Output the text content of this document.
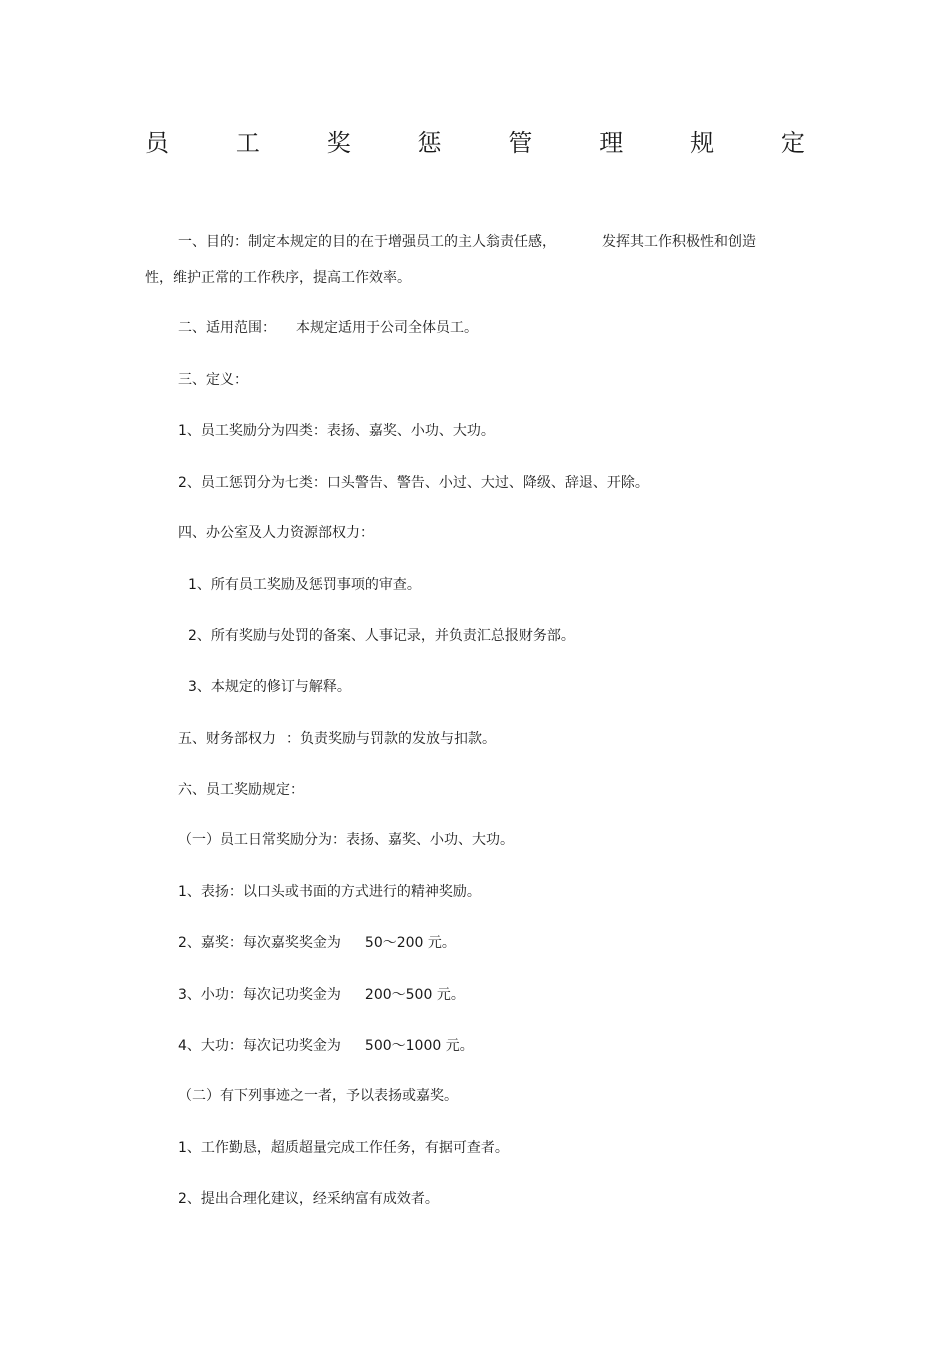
员	工	奖	惩	管	理	规	定
一、目的：制定本规定的目的在于增强员工的主人翁责任感，	发挥其工作积极性和创造
性，维护正常的工作秩序，提高工作效率。
二、适用范围： 本规定适用于公司全体员工。
三、定义：
1、员工奖励分为四类：表扬、嘉奖、小功、大功。
2、员工惩罚分为七类：口头警告、警告、小过、大过、降级、辞退、开除。
四、办公室及人力资源部权力：
1、所有员工奖励及惩罚事项的审查。
2、所有奖励与处罚的备案、人事记录，并负责汇总报财务部。
3、本规定的修订与解释。
五、财务部权力 ：负责奖励与罚款的发放与扣款。
六、员工奖励规定：
（一）员工日常奖励分为：表扬、嘉奖、小功、大功。
1、表扬：以口头或书面的方式进行的精神奖励。
2、嘉奖：每次嘉奖奖金为 50～200 元。
3、小功：每次记功奖金为 200～500 元。
4、大功：每次记功奖金为 500～1000 元。
（二）有下列事迹之一者，予以表扬或嘉奖。
1、工作勤恳，超质超量完成工作任务，有据可查者。
2、提出合理化建议，经采纳富有成效者。
